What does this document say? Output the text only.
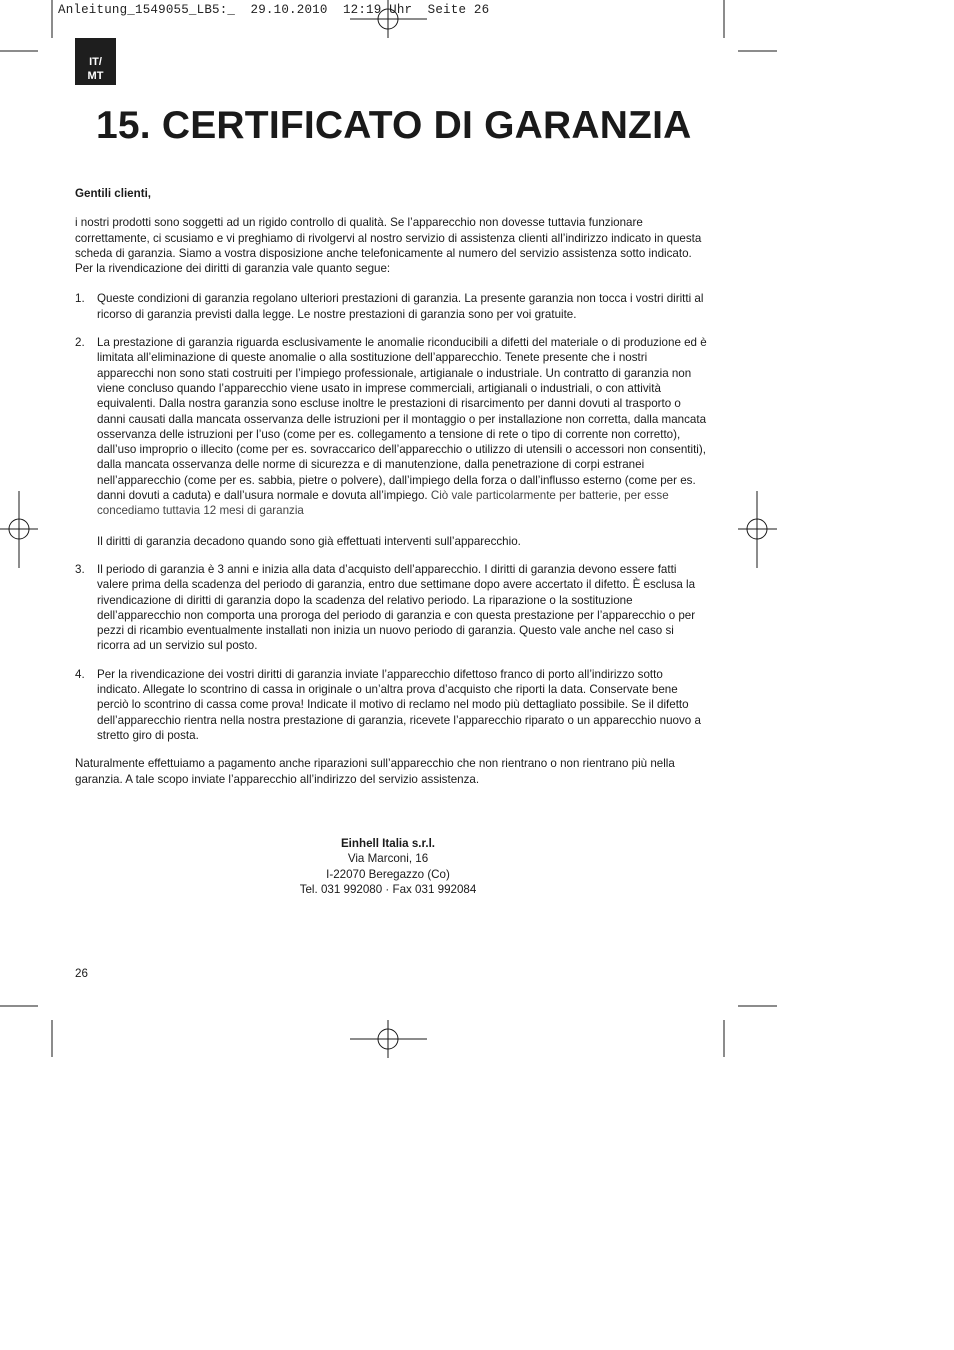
Anleitung_1549055_LB5:_  29.10.2010  12:19 Uhr  Seite 26
IT/
MT
15. CERTIFICATO DI GARANZIA

Gentili clienti,

i nostri prodotti sono soggetti ad un rigido controllo di qualità. Se l’apparecchio non dovesse tuttavia funzionare correttamente, ci scusiamo e vi preghiamo di rivolgervi al nostro servizio di assistenza clienti all’indirizzo indicato in questa scheda di garanzia. Siamo a vostra disposizione anche telefonicamente al numero del servizio assistenza sotto indicato. Per la rivendicazione dei diritti di garanzia vale quanto segue:

1. Queste condizioni di garanzia regolano ulteriori prestazioni di garanzia. La presente garanzia non tocca i vostri diritti al ricorso di garanzia previsti dalla legge. Le nostre prestazioni di garanzia sono per voi gratuite.
2. La prestazione di garanzia riguarda esclusivamente le anomalie riconducibili a difetti del materiale o di produzione ed è limitata all’eliminazione di queste anomalie o alla sostituzione dell’apparecchio. Tenete presente che i nostri apparecchi non sono stati costruiti per l’impiego professionale, artigianale o industriale. Un contratto di garanzia non viene concluso quando l’apparecchio viene usato in imprese commerciali, artigianali o industriali, o con attività equivalenti. Dalla nostra garanzia sono escluse inoltre le prestazioni di risarcimento per danni dovuti al trasporto o danni causati dalla mancata osservanza delle istruzioni per il montaggio o per installazione non corretta, dalla mancata osservanza delle istruzioni per l’uso (come per es. collegamento a tensione di rete o tipo di corrente non corretto), dall’uso improprio o illecito (come per es. sovraccarico dell’apparecchio o utilizzo di utensili o accessori non consentiti), dalla mancata osservanza delle norme di sicurezza e di manutenzione, dalla penetrazione di corpi estranei nell’apparecchio (come per es. sabbia, pietre o polvere), dall’impiego della forza o dall’influsso esterno (come per es. danni dovuti a caduta) e dall’usura normale e dovuta all’impiego. Ciò vale particolarmente per batterie, per esse concediamo tuttavia 12 mesi di garanzia
Il diritti di garanzia decadono quando sono già effettuati interventi sull’apparecchio.
3. Il periodo di garanzia è 3 anni e inizia alla data d’acquisto dell’apparecchio. I diritti di garanzia devono essere fatti valere prima della scadenza del periodo di garanzia, entro due settimane dopo avere accertato il difetto. È esclusa la rivendicazione di diritti di garanzia dopo la scadenza del relativo periodo. La riparazione o la sostituzione dell’apparecchio non comporta una proroga del periodo di garanzia e con questa prestazione per l’apparecchio o per pezzi di ricambio eventualmente installati non inizia un nuovo periodo di garanzia. Questo vale anche nel caso si ricorra ad un servizio sul posto.
4. Per la rivendicazione dei vostri diritti di garanzia inviate l’apparecchio difettoso franco di porto all’indirizzo sotto indicato. Allegate lo scontrino di cassa in originale o un’altra prova d’acquisto che riporti la data. Conservate bene perciò lo scontrino di cassa come prova! Indicate il motivo di reclamo nel modo più dettagliato possibile. Se il difetto dell’apparecchio rientra nella nostra prestazione di garanzia, ricevete l’apparecchio riparato o un apparecchio nuovo a stretto giro di posta.

Naturalmente effettuiamo a pagamento anche riparazioni sull’apparecchio che non rientrano o non rientrano più nella garanzia. A tale scopo inviate l’apparecchio all’indirizzo del servizio assistenza.

Einhell Italia s.r.l.
Via Marconi, 16
I-22070 Beregazzo (Co)
Tel. 031 992080 · Fax 031 992084
26
